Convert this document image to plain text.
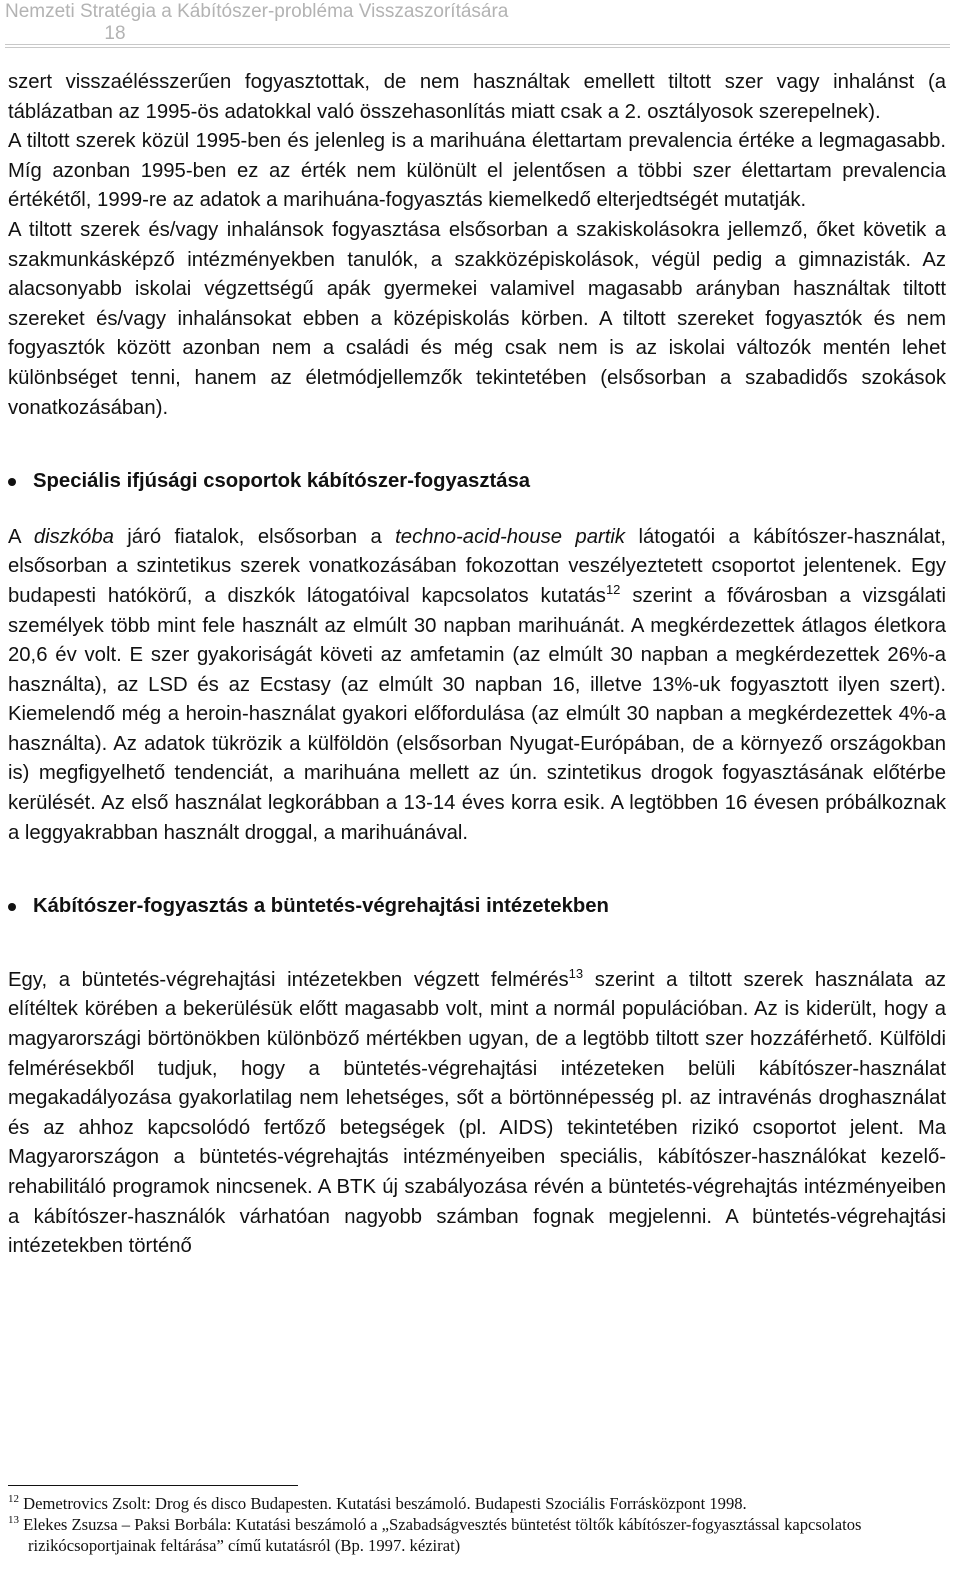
Nemzeti Stratégia a Kábítószer-probléma Visszaszorítására
18

szert visszaélésszerűen fogyasztottak, de nem használtak emellett tiltott szer vagy inhalánst (a táblázatban az 1995-ös adatokkal való összehasonlítás miatt csak a 2. osztályosok szerepelnek).

A tiltott szerek közül 1995-ben és jelenleg is a marihuána élettartam prevalencia értéke a legmagasabb. Míg azonban 1995-ben ez az érték nem különült el jelentősen a többi szer élettartam prevalencia értékétől, 1999-re az adatok a marihuána-fogyasztás kiemelkedő elterjedtségét mutatják.

A tiltott szerek és/vagy inhalánsok fogyasztása elsősorban a szakiskolásokra jellemző, őket követik a szakmunkásképző intézményekben tanulók, a szakközépiskolások, végül pedig a gimnazisták. Az alacsonyabb iskolai végzettségű apák gyermekei valamivel magasabb arányban használtak tiltott szereket és/vagy inhalánsokat ebben a középiskolás körben. A tiltott szereket fogyasztók és nem fogyasztók között azonban nem a családi és még csak nem is az iskolai változók mentén lehet különbséget tenni, hanem az életmódjellemzők tekintetében (elsősorban a szabadidős szokások vonatkozásában).

Speciális ifjúsági csoportok kábítószer-fogyasztása

A diszkóba járó fiatalok, elsősorban a techno-acid-house partik látogatói a kábítószer-használat, elsősorban a szintetikus szerek vonatkozásában fokozottan veszélyeztetett csoportot jelentenek. Egy budapesti hatókörű, a diszkók látogatóival kapcsolatos kutatás$^{12}$ szerint a fővárosban a vizsgálati személyek több mint fele használt az elmúlt 30 napban marihuánát. A megkérdezettek átlagos életkora 20,6 év volt. E szer gyakoriságát követi az amfetamin (az elmúlt 30 napban a megkérdezettek 26%-a használta), az LSD és az Ecstasy (az elmúlt 30 napban 16, illetve 13%-uk fogyasztott ilyen szert). Kiemelendő még a heroin-használat gyakori előfordulása (az elmúlt 30 napban a megkérdezettek 4%-a használta). Az adatok tükrözik a külföldön (elsősorban Nyugat-Európában, de a környező országokban is) megfigyelhető tendenciát, a marihuána mellett az ún. szintetikus drogok fogyasztásának előtérbe kerülését. Az első használat legkorábban a 13-14 éves korra esik. A legtöbben 16 évesen próbálkoznak a leggyakrabban használt droggal, a marihuánával.

Kábítószer-fogyasztás a büntetés-végrehajtási intézetekben

Egy, a büntetés-végrehajtási intézetekben végzett felmérés$^{13}$ szerint a tiltott szerek használata az elítéltek körében a bekerülésük előtt magasabb volt, mint a normál populációban. Az is kiderült, hogy a magyarországi börtönökben különböző mértékben ugyan, de a legtöbb tiltott szer hozzáférhető. Külföldi felmérésekből tudjuk, hogy a büntetés-végrehajtási intézeteken belüli kábítószer-használat megakadályozása gyakorlatilag nem lehetséges, sőt a börtönnépesség pl. az intravénás droghasználat és az ahhoz kapcsolódó fertőző betegségek (pl. AIDS) tekintetében rizikó csoportot jelent. Ma Magyarországon a büntetés-végrehajtás intézményeiben speciális, kábítószer-használókat kezelő-rehabilitáló programok nincsenek. A BTK új szabályozása révén a büntetés-végrehajtás intézményeiben a kábítószer-használók várhatóan nagyobb számban fognak megjelenni. A büntetés-végrehajtási intézetekben történő

$^{12}$ Demetrovics Zsolt: Drog és disco Budapesten. Kutatási beszámoló. Budapesti Szociális Forrásközpont 1998.

$^{13}$ Elekes Zsuzsa – Paksi Borbála: Kutatási beszámoló a „Szabadságvesztés büntetést töltők kábítószer-fogyasztással kapcsolatos rizikócsoportjainak feltárása” című kutatásról (Bp. 1997. kézirat)
